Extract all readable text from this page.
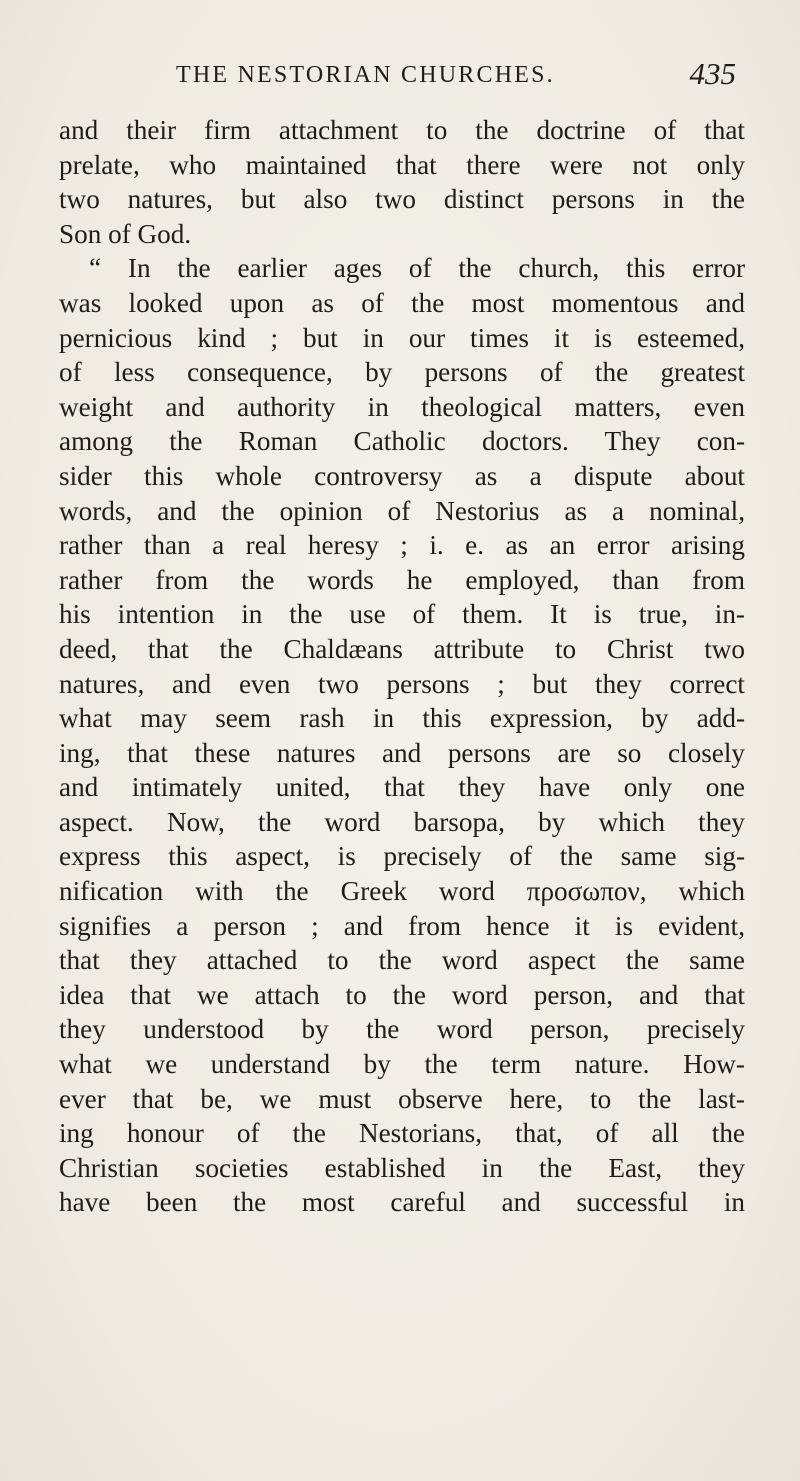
THE NESTORIAN CHURCHES.	435
and their firm attachment to the doctrine of that
prelate, who maintained that there were not only
two natures, but also two distinct persons in the
Son of God.
“ In the earlier ages of the church, this error
was looked upon as of the most momentous and
pernicious kind ; but in our times it is esteemed,
of less consequence, by persons of the greatest
weight and authority in theological matters, even
among the Roman Catholic doctors. They con-
sider this whole controversy as a dispute about
words, and the opinion of Nestorius as a nominal,
rather than a real heresy ; i. e. as an error arising
rather from the words he employed, than from
his intention in the use of them. It is true, in-
deed, that the Chaldæans attribute to Christ two
natures, and even two persons ; but they correct
what may seem rash in this expression, by add-
ing, that these natures and persons are so closely
and intimately united, that they have only one
aspect. Now, the word barsopa, by which they
express this aspect, is precisely of the same sig-
nification with the Greek word προσωπον, which
signifies a person ; and from hence it is evident,
that they attached to the word aspect the same
idea that we attach to the word person, and that
they understood by the word person, precisely
what we understand by the term nature. How-
ever that be, we must observe here, to the last-
ing honour of the Nestorians, that, of all the
Christian societies established in the East, they
have been the most careful and successful in
